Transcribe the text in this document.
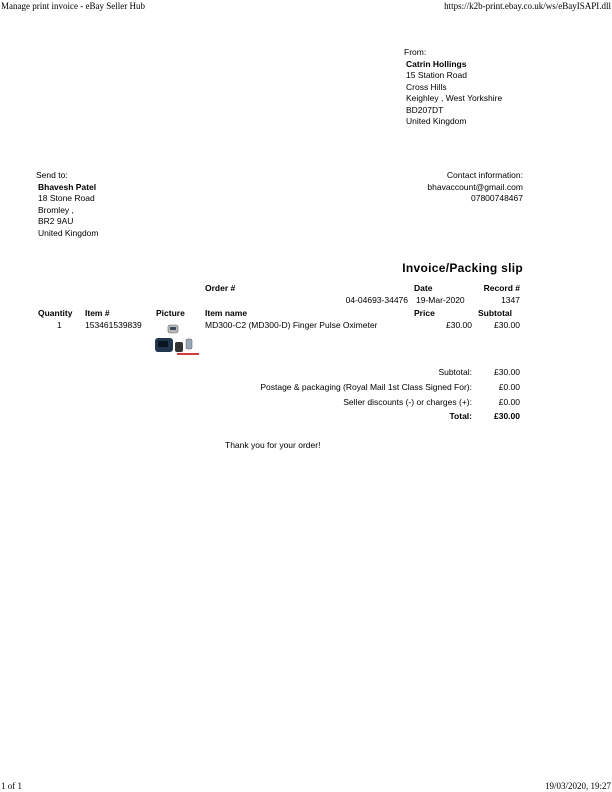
Manage print invoice - eBay Seller Hub	https://k2b-print.ebay.co.uk/ws/eBayISAPI.dll
From:
Catrin Hollings
15 Station Road
Cross Hills
Keighley , West Yorkshire
BD207DT
United Kingdom
Send to:
Bhavesh Patel
18 Stone Road
Bromley ,
BR2 9AU
United Kingdom
Contact information:
bhavaccount@gmail.com
07800748467
Invoice/Packing slip
Order #	Date	Record #
04-04693-34476 19-Mar-2020	1347
Quantity Item #	Picture Item name	Price	Subtotal
1	153461539839	MD300-C2 (MD300-D) Finger Pulse Oximeter	£30.00	£30.00
Subtotal:	£30.00
Postage & packaging (Royal Mail 1st Class Signed For):	£0.00
Seller discounts (-) or charges (+):	£0.00
Total:	£30.00
Thank you for your order!
1 of 1	19/03/2020, 19:27
